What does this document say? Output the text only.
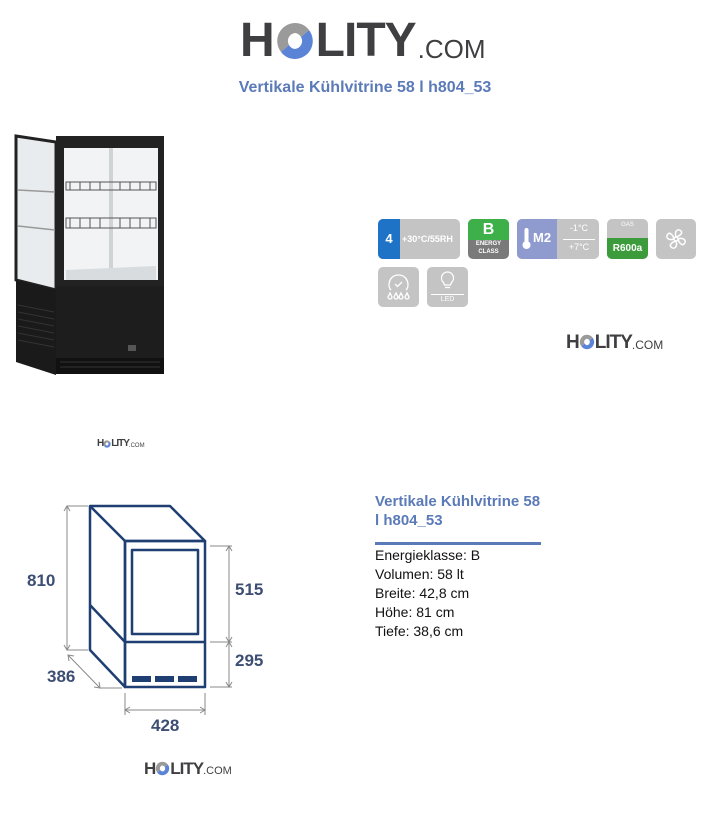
H LITY .COM
Vertikale Kühlvitrine 58 l h804_53
4	+30°C/55RH
B
ENERGY
CLASS
M2
-1°C
+7°C
GAS
R600a
LED
H LITY .COM
H LITY .COM
810	515
295
386
428
H LITY .COM
Vertikale Kühlvitrine 58
l h804_53
Energieklasse: B
Volumen: 58 lt
Breite: 42,8 cm
Höhe: 81 cm
Tiefe: 38,6 cm
